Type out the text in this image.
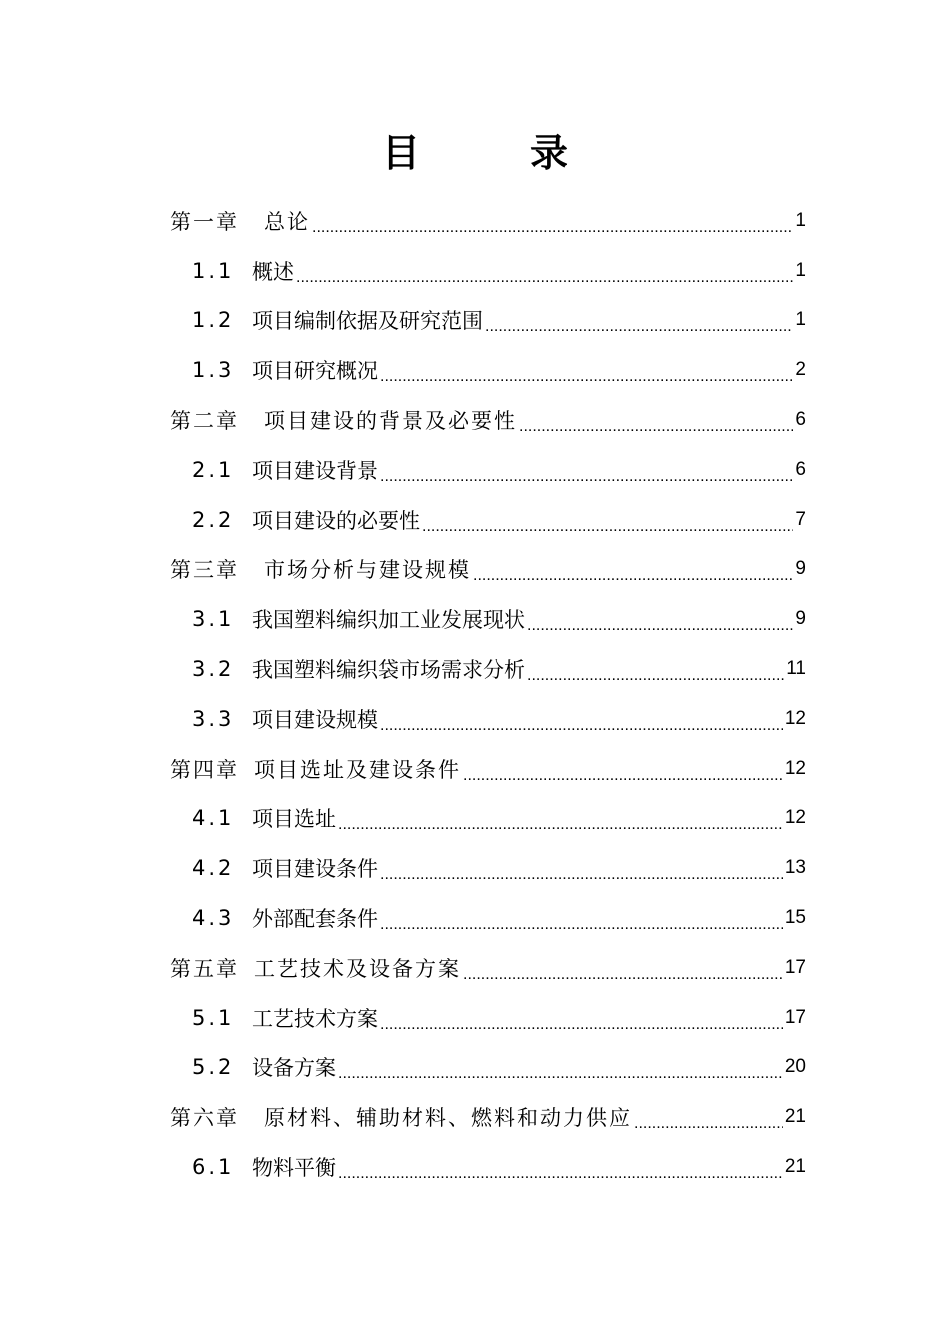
目　录
第一章	总论 .....	1
1.1 概述 .....	1
1.2 项目编制依据及研究范围 .....	1
1.3 项目研究概况 .....	2
第二章	项目建设的背景及必要性 .....	6
2.1 项目建设背景 .....	6
2.2 项目建设的必要性 .....	7
第三章	市场分析与建设规模 .....	9
3.1 我国塑料编织加工业发展现状 .....	9
3.2 我国塑料编织袋市场需求分析 .....	11
3.3 项目建设规模 .....	12
第四章 项目选址及建设条件 .....	12
4.1 项目选址 .....	12
4.2 项目建设条件 .....	13
4.3 外部配套条件 .....	15
第五章 工艺技术及设备方案 .....	17
5.1 工艺技术方案 .....	17
5.2 设备方案 .....	20
第六章	原材料、辅助材料、燃料和动力供应 .....	21
6.1 物料平衡 .....	21
